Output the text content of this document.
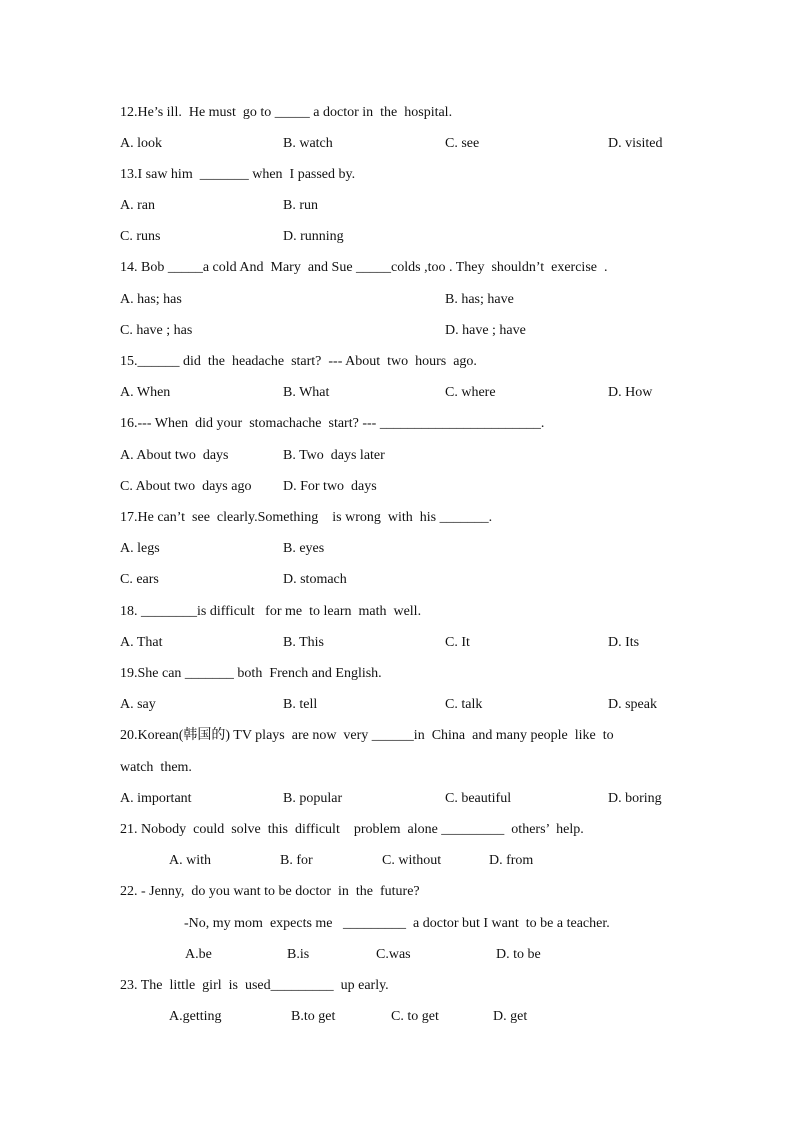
12.He’s ill.  He must  go to _____ a doctor in  the  hospital.
A. look	B. watch	C. see	D. visited
13.I saw him  _______ when  I passed by.
A. ran	B. run
C. runs	D. running
14. Bob _____a cold And  Mary  and Sue _____colds ,too . They  shouldn’t  exercise  .
A. has; has	B. has; have
C. have ; has	D. have ; have
15.______ did  the  headache  start?  --- About  two  hours  ago.
A. When	B. What	C. where	D. How
16.--- When  did your  stomachache  start? --- _______________________.
A. About two  days	B. Two  days later
C. About two  days ago D. For two  days
17.He can’t  see  clearly.Something    is wrong  with  his _______.
A. legs	B. eyes
C. ears	D. stomach
18. ________is difficult   for me  to learn  math  well.
A. That	B. This	C. It	D. Its
19.She can _______ both  French and English.
A. say	B. tell	C. talk	D. speak
20.Korean(韩国的) TV plays  are now  very ______in  China  and many people  like  to
watch  them.
A. important	B. popular	C. beautiful	D. boring
21. Nobody  could  solve  this  difficult    problem  alone _________  others’  help.
A. with	B. for	C. without	D. from
22. - Jenny,  do you want to be doctor  in  the  future?
-No, my mom  expects me   _________  a doctor but I want  to be a teacher.
A.be	B.is	C.was	D. to be
23. The  little  girl  is  used_________  up early.
A.getting	B.to get	C. to get	D. get
